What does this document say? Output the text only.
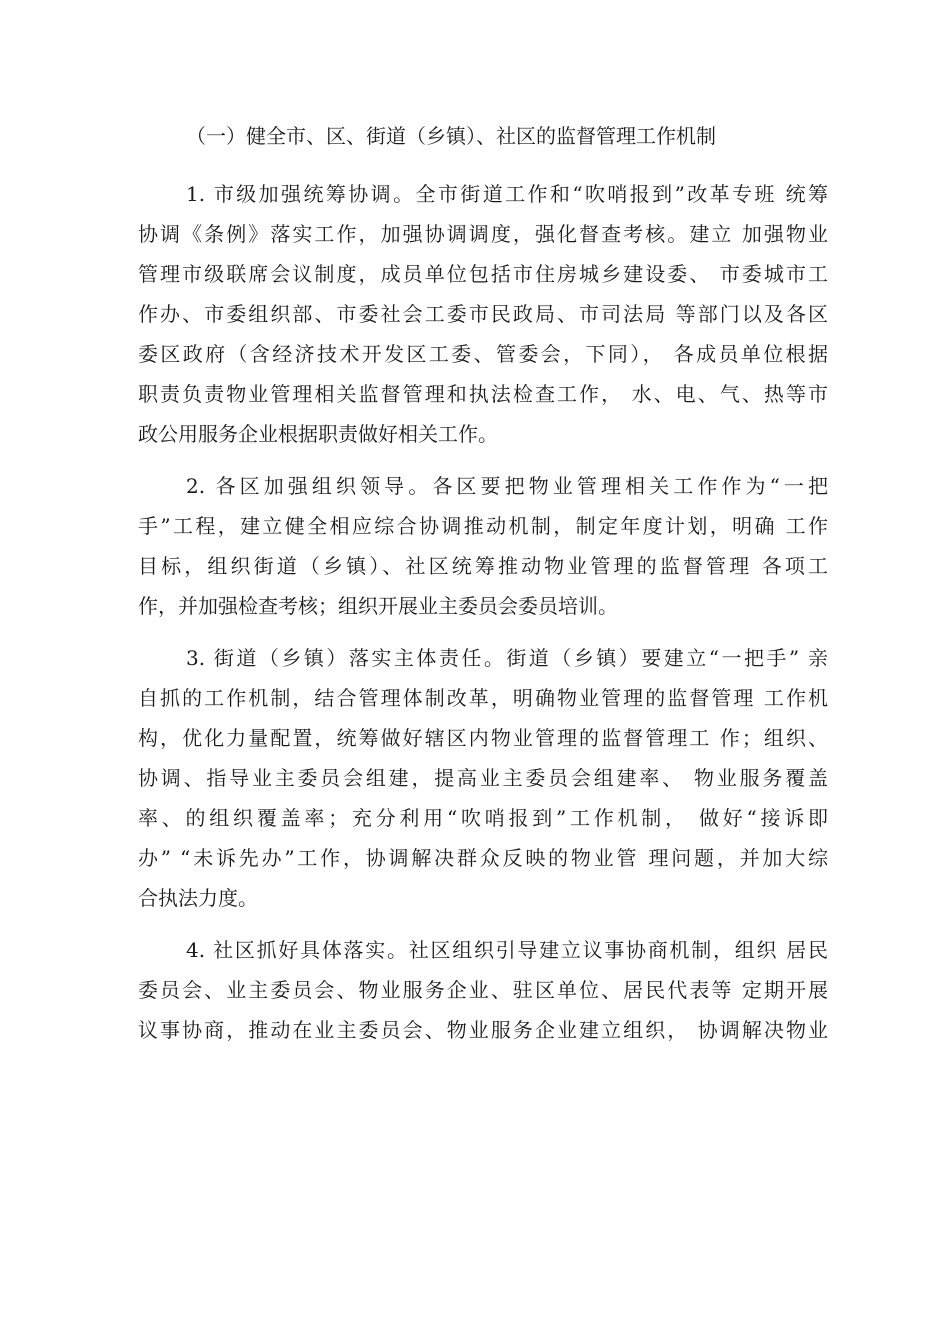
（一）健全市、区、街道（乡镇）、社区的监督管理工作机制

1. 市级加强统筹协调。全市街道工作和“吹哨报到”改革专班 统筹
协调《条例》落实工作，加强协调调度，强化督查考核。建立 加强物业
管理市级联席会议制度，成员单位包括市住房城乡建设委、 市委城市工
作办、市委组织部、市委社会工委市民政局、市司法局 等部门以及各区
委区政府（含经济技术开发区工委、管委会，下同）， 各成员单位根据
职责负责物业管理相关监督管理和执法检查工作， 水、电、气、热等市
政公用服务企业根据职责做好相关工作。

2. 各区加强组织领导。各区要把物业管理相关工作作为“一把
手”工程，建立健全相应综合协调推动机制，制定年度计划，明确 工作
目标，组织街道（乡镇）、社区统筹推动物业管理的监督管理 各项工
作，并加强检查考核；组织开展业主委员会委员培训。

3. 街道（乡镇）落实主体责任。街道（乡镇）要建立“一把手” 亲
自抓的工作机制，结合管理体制改革，明确物业管理的监督管理 工作机
构，优化力量配置，统筹做好辖区内物业管理的监督管理工 作；组织、
协调、指导业主委员会组建，提高业主委员会组建率、 物业服务覆盖
率、的组织覆盖率；充分利用“吹哨报到”工作机制， 做好“接诉即
办” “未诉先办”工作，协调解决群众反映的物业管 理问题，并加大综
合执法力度。

4. 社区抓好具体落实。社区组织引导建立议事协商机制，组织 居民
委员会、业主委员会、物业服务企业、驻区单位、居民代表等 定期开展
议事协商，推动在业主委员会、物业服务企业建立组织， 协调解决物业
